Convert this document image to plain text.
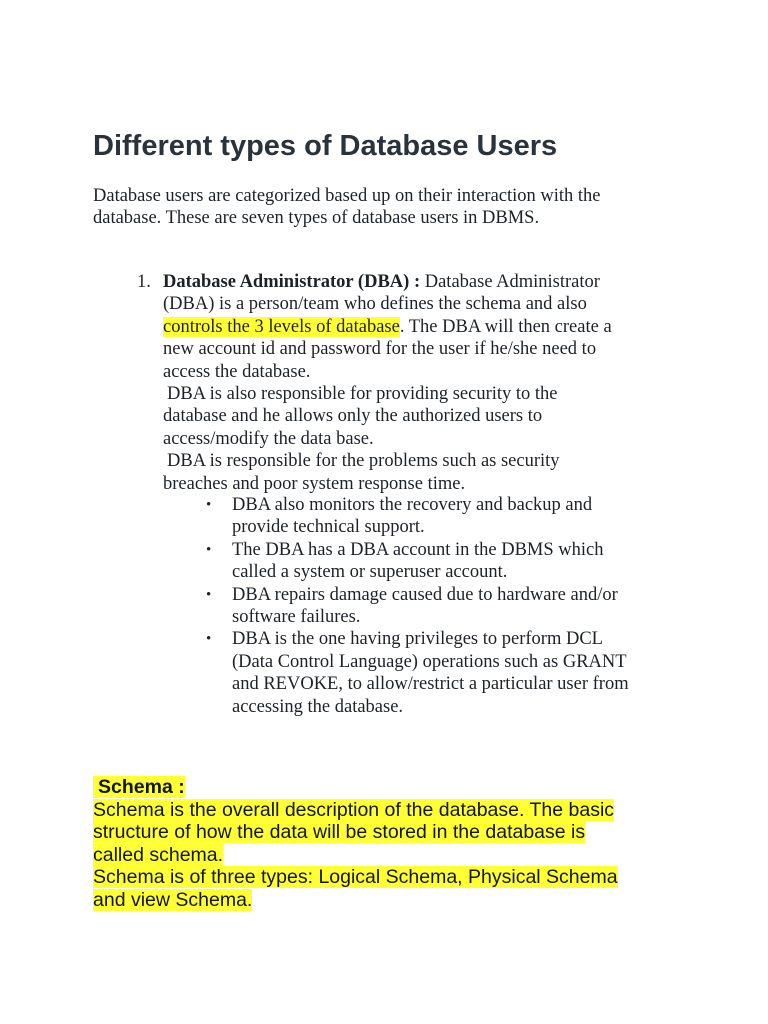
Different types of Database Users
Database users are categorized based up on their interaction with the
database. These are seven types of database users in DBMS.
1. Database Administrator (DBA) : Database Administrator
(DBA) is a person/team who defines the schema and also
controls the 3 levels of database. The DBA will then create a
new account id and password for the user if he/she need to
access the database.
DBA is also responsible for providing security to the
database and he allows only the authorized users to
access/modify the data base.
DBA is responsible for the problems such as security
breaches and poor system response time.
• DBA also monitors the recovery and backup and
provide technical support.
• The DBA has a DBA account in the DBMS which
called a system or superuser account.
• DBA repairs damage caused due to hardware and/or
software failures.
• DBA is the one having privileges to perform DCL
(Data Control Language) operations such as GRANT
and REVOKE, to allow/restrict a particular user from
accessing the database.
Schema :
Schema is the overall description of the database. The basic
structure of how the data will be stored in the database is
called schema.
Schema is of three types: Logical Schema, Physical Schema
and view Schema.
